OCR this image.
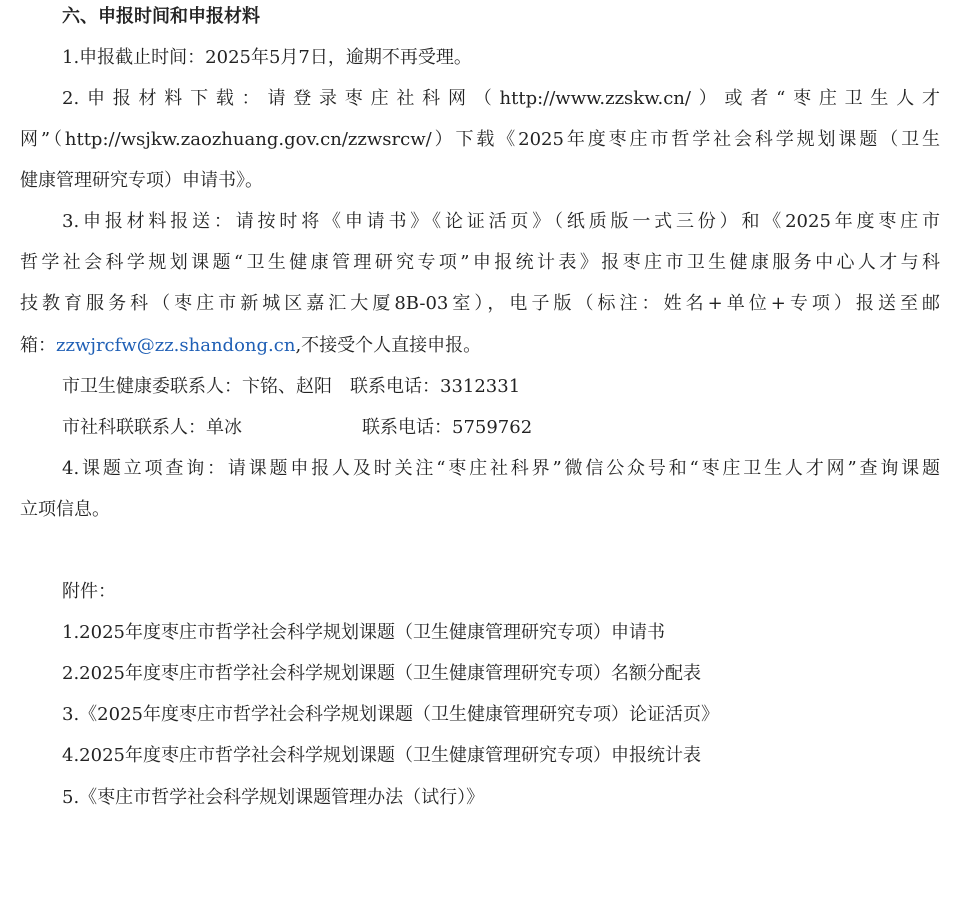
六、申报时间和申报材料
1.申报截止时间：2025年5月7日，逾期不再受理。
2.申报材料下载：请登录枣庄社科网（http://www.zzskw.cn/）或者“枣庄卫生人才
网”（http://wsjkw.zaozhuang.gov.cn/zzwsrcw/）下载《2025年度枣庄市哲学社会科学规划课题（卫生
健康管理研究专项）申请书》。
3.申报材料报送：请按时将《申请书》《论证活页》（纸质版一式三份）和《2025年度枣庄市
哲学社会科学规划课题“卫生健康管理研究专项”申报统计表》报枣庄市卫生健康服务中心人才与科
技教育服务科（枣庄市新城区嘉汇大厦8B-03室），电子版（标注：姓名+单位+专项）报送至邮
箱：zzwjrcfw@zz.shandong.cn,不接受个人直接申报。
市卫生健康委联系人：卞铭、赵阳　联系电话：3312331
市社科联联系人：单冰	联系电话：5759762
4.课题立项查询：请课题申报人及时关注“枣庄社科界”微信公众号和“枣庄卫生人才网”查询课题
立项信息。
附件：
1.2025年度枣庄市哲学社会科学规划课题（卫生健康管理研究专项）申请书
2.2025年度枣庄市哲学社会科学规划课题（卫生健康管理研究专项）名额分配表
3.《2025年度枣庄市哲学社会科学规划课题（卫生健康管理研究专项）论证活页》
4.2025年度枣庄市哲学社会科学规划课题（卫生健康管理研究专项）申报统计表
5.《枣庄市哲学社会科学规划课题管理办法（试行）》
